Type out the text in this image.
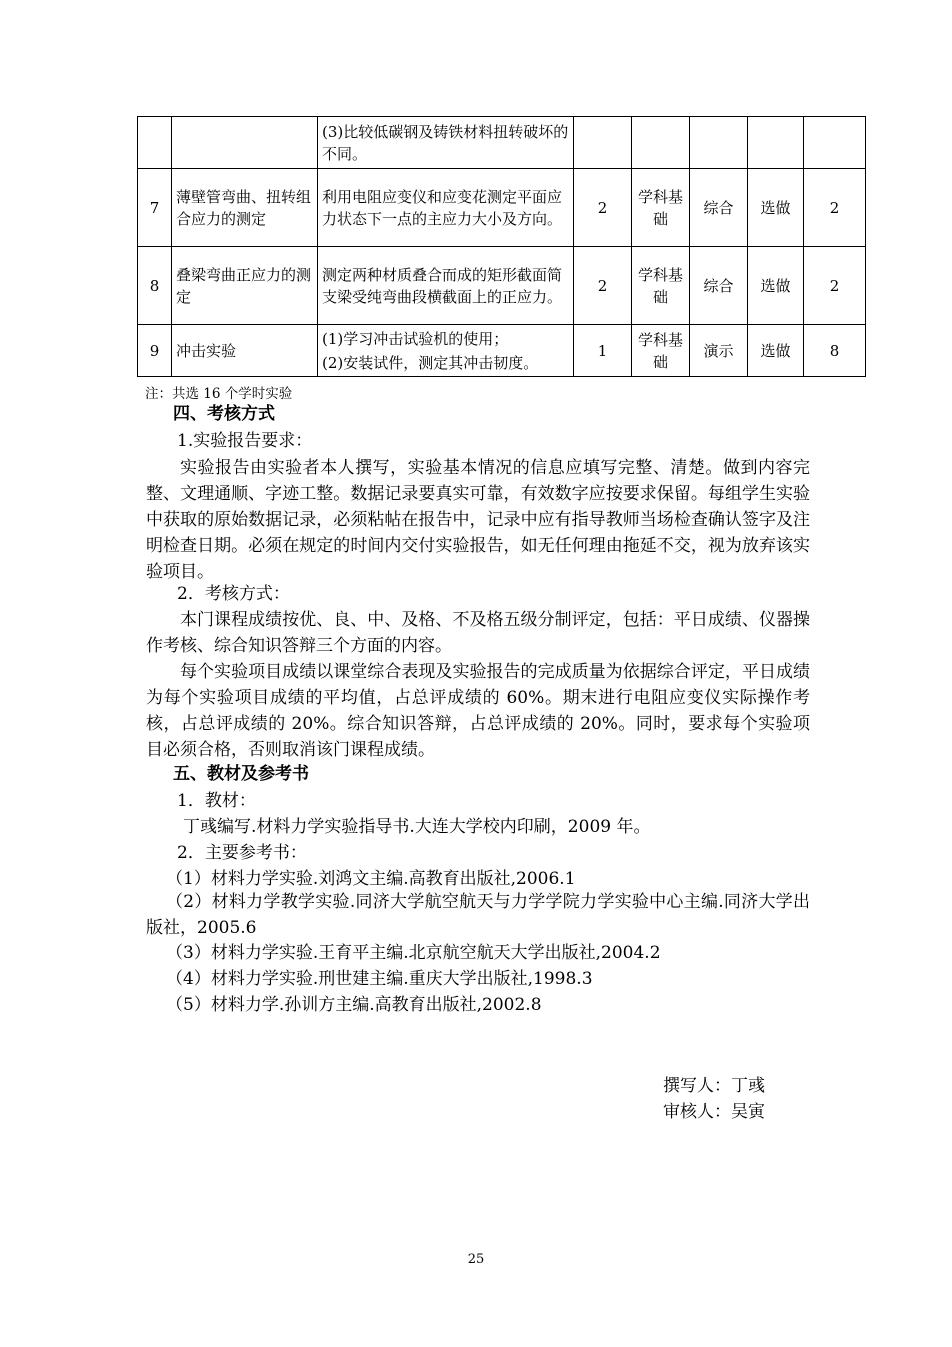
		(3)比较低碳钢及铸铁材料扭转破坏的不同。					
7	薄壁管弯曲、扭转组合应力的测定	利用电阻应变仪和应变花测定平面应力状态下一点的主应力大小及方向。	2	学科基础	综合	选做	2
8	叠梁弯曲正应力的测定	测定两种材质叠合而成的矩形截面简支梁受纯弯曲段横截面上的正应力。	2	学科基础	综合	选做	2
9	冲击实验	(1)学习冲击试验机的使用；
(2)安装试件，测定其冲击韧度。	1	学科基础	演示	选做	8
注：共选 16 个学时实验
四、考核方式
1.实验报告要求：

实验报告由实验者本人撰写，实验基本情况的信息应填写完整、清楚。做到内容完整、文理通顺、字迹工整。数据记录要真实可靠，有效数字应按要求保留。每组学生实验中获取的原始数据记录，必须粘帖在报告中，记录中应有指导教师当场检查确认签字及注明检查日期。必须在规定的时间内交付实验报告，如无任何理由拖延不交，视为放弃该实验项目。

2．考核方式：

本门课程成绩按优、良、中、及格、不及格五级分制评定，包括：平日成绩、仪器操作考核、综合知识答辩三个方面的内容。

每个实验项目成绩以课堂综合表现及实验报告的完成质量为依据综合评定，平日成绩为每个实验项目成绩的平均值，占总评成绩的 60%。期末进行电阻应变仪实际操作考核，占总评成绩的 20%。综合知识答辩，占总评成绩的 20%。同时，要求每个实验项目必须合格，否则取消该门课程成绩。

五、教材及参考书
1．教材：
丁彧编写.材料力学实验指导书.大连大学校内印刷，2009 年。
2．主要参考书：
（1）材料力学实验.刘鸿文主编.高教育出版社,2006.1

（2）材料力学教学实验.同济大学航空航天与力学学院力学实验中心主编.同济大学出版社，2005.6

（3）材料力学实验.王育平主编.北京航空航天大学出版社,2004.2
（4）材料力学实验.刑世建主编.重庆大学出版社,1998.3
（5）材料力学.孙训方主编.高教育出版社,2002.8
撰写人：丁彧
审核人：吴寅
25
